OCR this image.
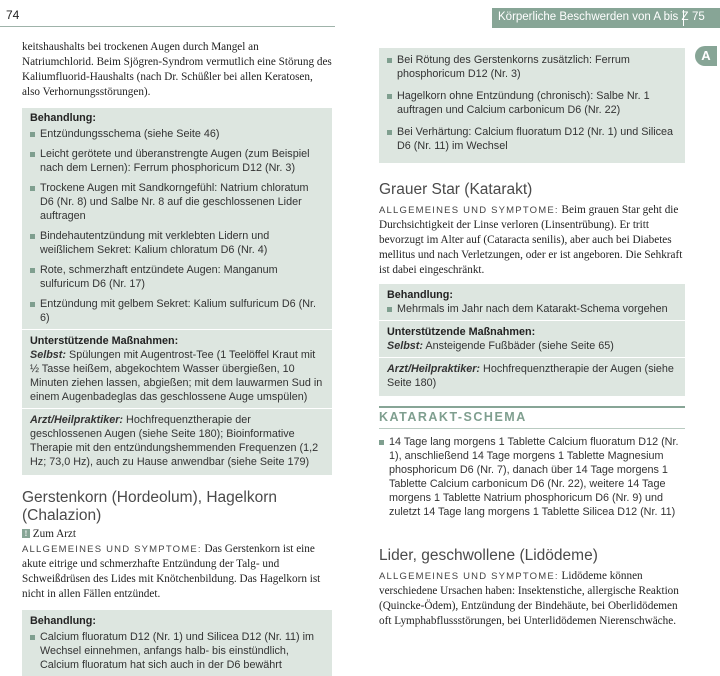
74	Körperliche Beschwerden von A bis Z 75
A
keitshaushalts bei trockenen Augen durch Mangel an Natriumchlorid. Beim Sjögren-Syndrom vermutlich eine Störung des Kaliumfluorid-Haushalts (nach Dr. Schüßler bei allen Keratosen, also Verhornungsstörungen).
Behandlung:
Entzündungsschema (siehe Seite 46)
Leicht gerötete und überanstrengte Augen (zum Beispiel nach dem Lernen): Ferrum phosphoricum D12 (Nr. 3)
Trockene Augen mit Sandkorngefühl: Natrium chloratum D6 (Nr. 8) und Salbe Nr. 8 auf die geschlossenen Lider auftragen
Bindehautentzündung mit verklebten Lidern und weißlichem Sekret: Kalium chloratum D6 (Nr. 4)
Rote, schmerzhaft entzündete Augen: Manganum sulfuricum D6 (Nr. 17)
Entzündung mit gelbem Sekret: Kalium sulfuricum D6 (Nr. 6)
Unterstützende Maßnahmen:
Selbst: Spülungen mit Augentrost-Tee (1 Teelöffel Kraut mit ½ Tasse heißem, abgekochtem Wasser übergießen, 10 Minuten ziehen lassen, abgießen; mit dem lauwarmen Sud in einem Augenbadeglas das geschlossene Auge umspülen)
Arzt/Heilpraktiker: Hochfrequenztherapie der geschlossenen Augen (siehe Seite 180); Bioinformative Therapie mit den entzündungshemmenden Frequenzen (1,2 Hz; 73,0 Hz), auch zu Hause anwendbar (siehe Seite 179)
Gerstenkorn (Hordeolum), Hagelkorn (Chalazion)
! Zum Arzt
ALLGEMEINES UND SYMPTOME: Das Gerstenkorn ist eine akute eitrige und schmerzhafte Entzündung der Talg- und Schweißdrüsen des Lides mit Knötchenbildung. Das Hagelkorn ist nicht in allen Fällen entzündet.
Behandlung:
Calcium fluoratum D12 (Nr. 1) und Silicea D12 (Nr. 11) im Wechsel einnehmen, anfangs halb- bis einstündlich, Calcium fluoratum hat sich auch in der D6 bewährt
Bei Rötung des Gerstenkorns zusätzlich: Ferrum phosphoricum D12 (Nr. 3)
Hagelkorn ohne Entzündung (chronisch): Salbe Nr. 1 auftragen und Calcium carbonicum D6 (Nr. 22)
Bei Verhärtung: Calcium fluoratum D12 (Nr. 1) und Silicea D6 (Nr. 11) im Wechsel
Grauer Star (Katarakt)
ALLGEMEINES UND SYMPTOME: Beim grauen Star geht die Durchsichtigkeit der Linse verloren (Linsentrübung). Er tritt bevorzugt im Alter auf (Cataracta senilis), aber auch bei Diabetes mellitus und nach Verletzungen, oder er ist angeboren. Die Sehkraft ist dabei eingeschränkt.
Behandlung:
Mehrmals im Jahr nach dem Katarakt-Schema vorgehen
Unterstützende Maßnahmen:
Selbst: Ansteigende Fußbäder (siehe Seite 65)
Arzt/Heilpraktiker: Hochfrequenztherapie der Augen (siehe Seite 180)
KATARAKT-SCHEMA
14 Tage lang morgens 1 Tablette Calcium fluoratum D12 (Nr. 1), anschließend 14 Tage morgens 1 Tablette Magnesium phosphoricum D6 (Nr. 7), danach über 14 Tage morgens 1 Tablette Calcium carbonicum D6 (Nr. 22), weitere 14 Tage morgens 1 Tablette Natrium phosphoricum D6 (Nr. 9) und zuletzt 14 Tage lang morgens 1 Tablette Silicea D12 (Nr. 11)
Lider, geschwollene (Lidödeme)
ALLGEMEINES UND SYMPTOME: Lidödeme können verschiedene Ursachen haben: Insektenstiche, allergische Reaktion (Quincke-Ödem), Entzündung der Bindehäute, bei Oberlidödemen oft Lymphabflussstörungen, bei Unterlidödemen Nierenschwäche.
